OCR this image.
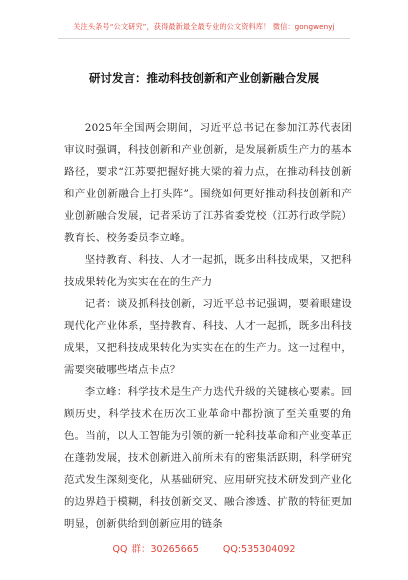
关注头条号“公文研究”，获得最新最全最专业的公文资料库！ 微信：gongwenyj
研讨发言：推动科技创新和产业创新融合发展

2025年全国两会期间，习近平总书记在参加江苏代表团审议时强调，科技创新和产业创新，是发展新质生产力的基本路径，要求“江苏要把握好挑大梁的着力点，在推动科技创新和产业创新融合上打头阵”。围绕如何更好推动科技创新和产业创新融合发展，记者采访了江苏省委党校（江苏行政学院）教育长、校务委员李立峰。

坚持教育、科技、人才一起抓，既多出科技成果，又把科技成果转化为实实在在的生产力

记者：谈及抓科技创新，习近平总书记强调，要着眼建设现代化产业体系，坚持教育、科技、人才一起抓，既多出科技成果，又把科技成果转化为实实在在的生产力。这一过程中，需要突破哪些堵点卡点？

李立峰：科学技术是生产力迭代升级的关键核心要素。回顾历史，科学技术在历次工业革命中都扮演了至关重要的角色。当前，以人工智能为引领的新一轮科技革命和产业变革正在蓬勃发展，技术创新进入前所未有的密集活跃期，科学研究范式发生深刻变化，从基础研究、应用研究技术研发到产业化的边界趋于模糊，科技创新交叉、融合渗透、扩散的特征更加明显，创新供给到创新应用的链条

QQ 群：30265665	QQ:535304092
